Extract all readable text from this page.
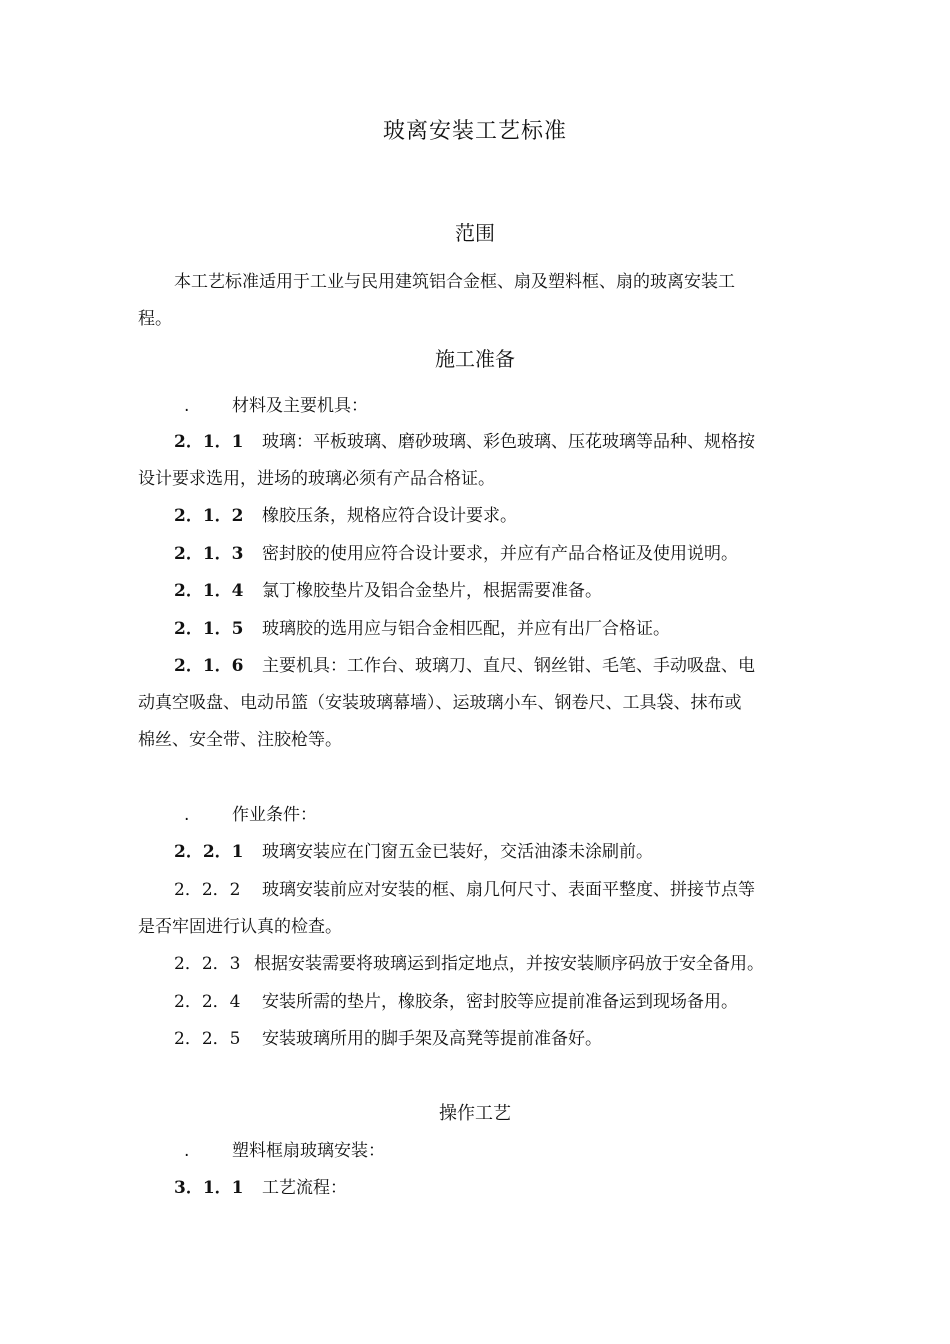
玻离安装工艺标准
范围
本工艺标准适用于工业与民用建筑铝合金框、扇及塑料框、扇的玻离安装工
程。
施工准备
.	材料及主要机具：
2．1．1 玻璃：平板玻璃、磨砂玻璃、彩色玻璃、压花玻璃等品种、规格按
设计要求选用，进场的玻璃必须有产品合格证。
2．1．2 橡胶压条，规格应符合设计要求。
2．1．3 密封胶的使用应符合设计要求，并应有产品合格证及使用说明。
2．1．4 氯丁橡胶垫片及铝合金垫片，根据需要准备。
2．1．5 玻璃胶的选用应与铝合金相匹配，并应有出厂合格证。
2．1．6 主要机具：工作台、玻璃刀、直尺、钢丝钳、毛笔、手动吸盘、电
动真空吸盘、电动吊篮（安装玻璃幕墙）、运玻璃小车、钢卷尺、工具袋、抹布或
棉丝、安全带、注胶枪等。
.	作业条件：
2．2．1 玻璃安装应在门窗五金已装好，交活油漆未涂刷前。
2．2．2 玻璃安装前应对安装的框、扇几何尺寸、表面平整度、拼接节点等
是否牢固进行认真的检查。
2．2．3 根据安装需要将玻璃运到指定地点，并按安装顺序码放于安全备用。
2．2．4 安装所需的垫片，橡胶条，密封胶等应提前准备运到现场备用。
2．2．5 安装玻璃所用的脚手架及高凳等提前准备好。
操作工艺
.	塑料框扇玻璃安装：
3．1．1 工艺流程：
